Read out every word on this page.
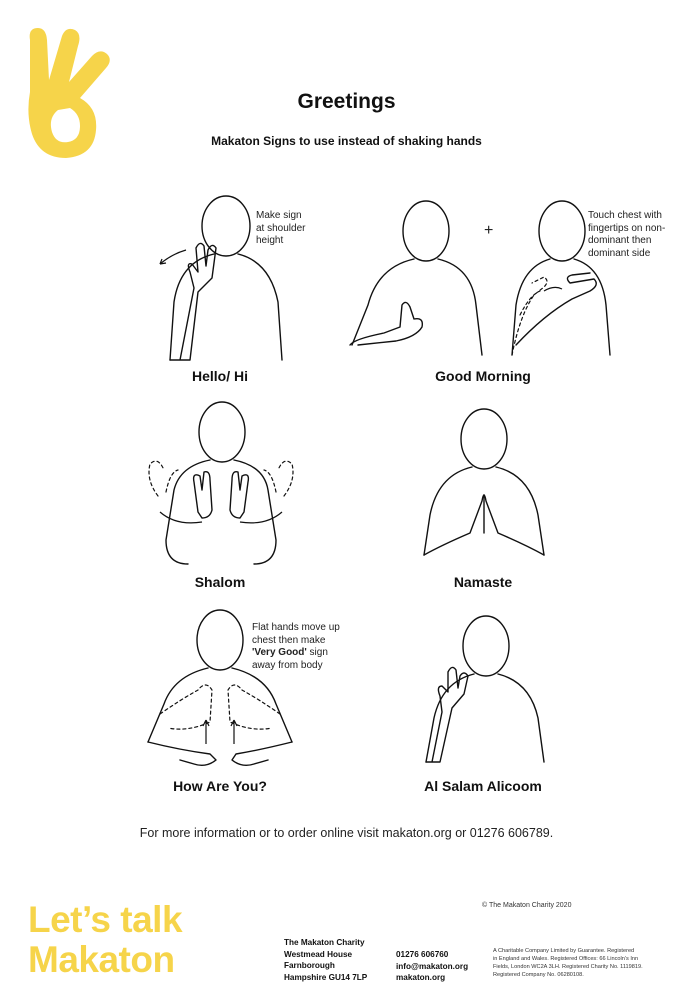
Greetings
Makaton Signs to use instead of shaking hands
Make sign
at shoulder
height
Hello/ Hi
+
Touch chest with
fingertips on non-
dominant then
dominant side
Good Morning
Shalom	Namaste
Flat hands move up
chest then make
'Very Good' sign
away from body
How Are You?	Al Salam Alicoom
For more information or to order online visit makaton.org or 01276 606789.
© The Makaton Charity 2020
Let’s talk
Makaton	The Makaton Charity
Westmead House
Farnborough
Hampshire GU14 7LP
01276 606760
info@makaton.org
makaton.org
A Charitable Company Limited by Guarantee. Registered
in England and Wales. Registered Offices: 66 Lincoln’s Inn
Fields, London WC2A 3LH. Registered Charity No. 1119819.
Registered Company No. 06280108.
